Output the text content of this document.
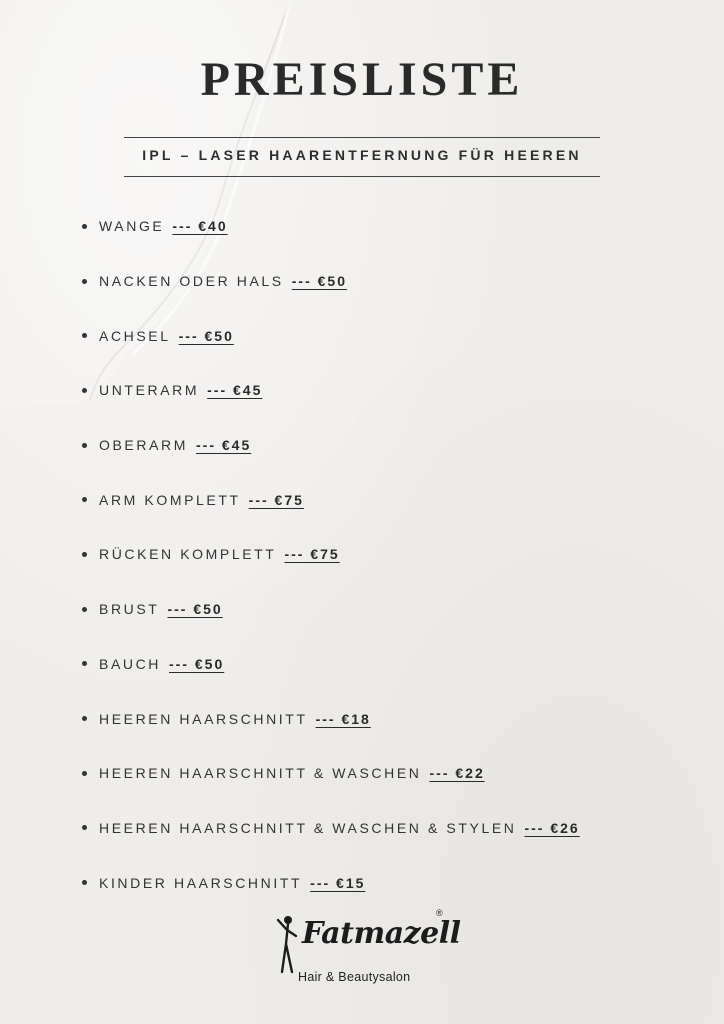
PREISLISTE
IPL – LASER HAARENTFERNUNG FÜR HEEREN
WANGE --- €40
NACKEN ODER HALS --- €50
ACHSEL --- €50
UNTERARM --- €45
OBERARM --- €45
ARM KOMPLETT --- €75
RÜCKEN KOMPLETT --- €75
BRUST --- €50
BAUCH --- €50
HEEREN HAARSCHNITT --- €18
HEEREN HAARSCHNITT & WASCHEN --- €22
HEEREN HAARSCHNITT & WASCHEN & STYLEN --- €26
KINDER HAARSCHNITT --- €15
Fatmazell
®
Hair & Beautysalon
